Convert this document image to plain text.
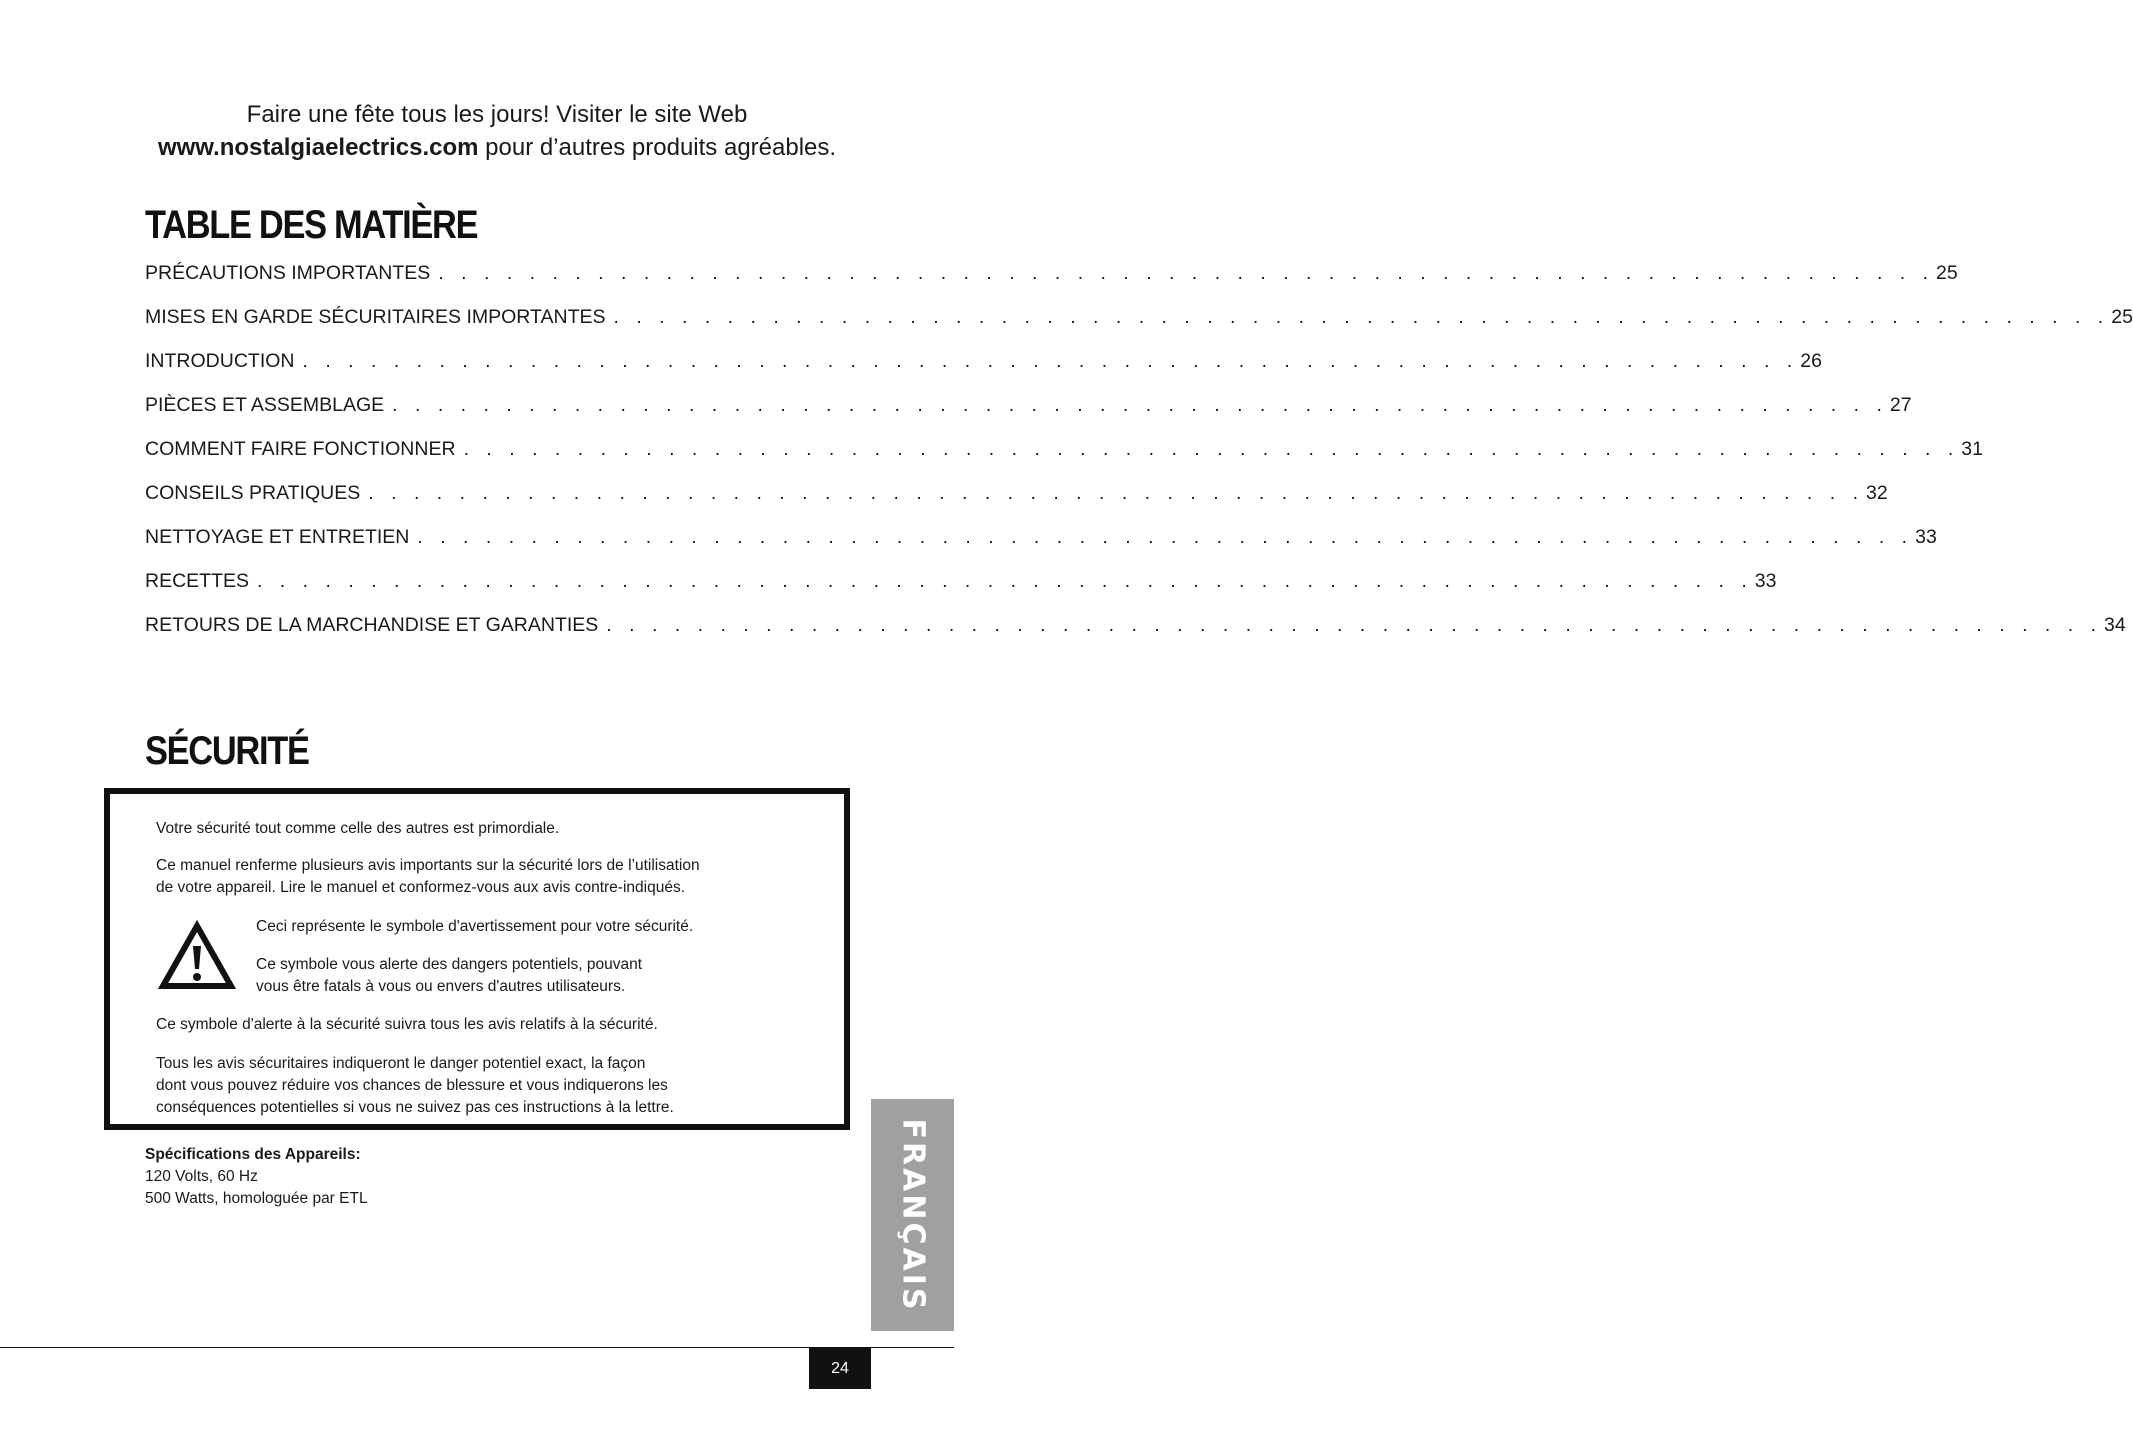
Faire une fête tous les jours! Visiter le site Web
www.nostalgiaelectrics.com pour d’autres produits agréables.
TABLE DES MATIÈRE
PRÉCAUTIONS IMPORTANTES . . . . . . . . . . . . . . . . . . . . . . . . . . . . . . . . . . . . . . . . . . . . . . . . . . . . . . . . . . . . . . . . . . 25
MISES EN GARDE SÉCURITAIRES IMPORTANTES . . . . . . . . . . . . . . . . . . . . . . . . . . . . . . . . . . . . . . . . . . . . . . . . . . . . . . . . . . . . . . . . . . 25
INTRODUCTION . . . . . . . . . . . . . . . . . . . . . . . . . . . . . . . . . . . . . . . . . . . . . . . . . . . . . . . . . . . . . . . . . . 26
PIÈCES ET ASSEMBLAGE . . . . . . . . . . . . . . . . . . . . . . . . . . . . . . . . . . . . . . . . . . . . . . . . . . . . . . . . . . . . . . . . . . 27
COMMENT FAIRE FONCTIONNER . . . . . . . . . . . . . . . . . . . . . . . . . . . . . . . . . . . . . . . . . . . . . . . . . . . . . . . . . . . . . . . . . . 31
CONSEILS PRATIQUES . . . . . . . . . . . . . . . . . . . . . . . . . . . . . . . . . . . . . . . . . . . . . . . . . . . . . . . . . . . . . . . . . . 32
NETTOYAGE ET ENTRETIEN . . . . . . . . . . . . . . . . . . . . . . . . . . . . . . . . . . . . . . . . . . . . . . . . . . . . . . . . . . . . . . . . . . 33
RECETTES . . . . . . . . . . . . . . . . . . . . . . . . . . . . . . . . . . . . . . . . . . . . . . . . . . . . . . . . . . . . . . . . . . 33
RETOURS DE LA MARCHANDISE ET GARANTIES . . . . . . . . . . . . . . . . . . . . . . . . . . . . . . . . . . . . . . . . . . . . . . . . . . . . . . . . . . . . . . . . . . 34
SÉCURITÉ
Votre sécurité tout comme celle des autres est primordiale.
Ce manuel renferme plusieurs avis importants sur la sécurité lors de l’utilisation
de votre appareil. Lire le manuel et conformez-vous aux avis contre-indiqués.
Ceci représente le symbole d'avertissement pour votre sécurité.
Ce symbole vous alerte des dangers potentiels, pouvant
vous être fatals à vous ou envers d'autres utilisateurs.
Ce symbole d'alerte à la sécurité suivra tous les avis relatifs à la sécurité.
Tous les avis sécuritaires indiqueront le danger potentiel exact, la façon
dont vous pouvez réduire vos chances de blessure et vous indiquerons les
conséquences potentielles si vous ne suivez pas ces instructions à la lettre.
Spécifications des Appareils:
120 Volts, 60 Hz
500 Watts, homologuée par ETL	FRANÇAIS
24
